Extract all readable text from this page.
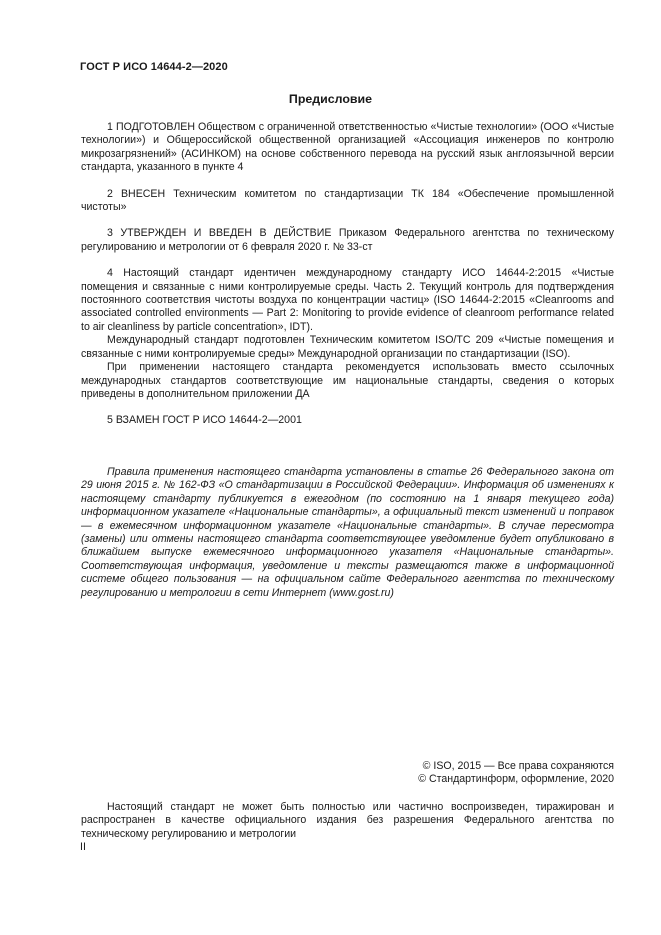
ГОСТ Р ИСО 14644-2—2020
Предисловие

1 ПОДГОТОВЛЕН Обществом с ограниченной ответственностью «Чистые технологии» (ООО «Чистые технологии») и Общероссийской общественной организацией «Ассоциация инженеров по контролю микрозагрязнений» (АСИНКОМ) на основе собственного перевода на русский язык англоязычной версии стандарта, указанного в пункте 4

2 ВНЕСЕН Техническим комитетом по стандартизации ТК 184 «Обеспечение промышленной чистоты»

3 УТВЕРЖДЕН И ВВЕДЕН В ДЕЙСТВИЕ Приказом Федерального агентства по техническому регулированию и метрологии от 6 февраля 2020 г. № 33-ст

4 Настоящий стандарт идентичен международному стандарту ИСО 14644-2:2015 «Чистые помещения и связанные с ними контролируемые среды. Часть 2. Текущий контроль для подтверждения постоянного соответствия чистоты воздуха по концентрации частиц» (ISO 14644-2:2015 «Cleanrooms and associated controlled environments — Part 2: Monitoring to provide evidence of cleanroom performance related to air cleanliness by particle concentration», IDT).

Международный стандарт подготовлен Техническим комитетом ISO/TC 209 «Чистые помещения и связанные с ними контролируемые среды» Международной организации по стандартизации (ISO).

При применении настоящего стандарта рекомендуется использовать вместо ссылочных международных стандартов соответствующие им национальные стандарты, сведения о которых приведены в дополнительном приложении ДА

5 ВЗАМЕН ГОСТ Р ИСО 14644-2—2001

Правила применения настоящего стандарта установлены в статье 26 Федерального закона от 29 июня 2015 г. № 162-ФЗ «О стандартизации в Российской Федерации». Информация об изменениях к настоящему стандарту публикуется в ежегодном (по состоянию на 1 января текущего года) информационном указателе «Национальные стандарты», а официальный текст изменений и поправок — в ежемесячном информационном указателе «Национальные стандарты». В случае пересмотра (замены) или отмены настоящего стандарта соответствующее уведомление будет опубликовано в ближайшем выпуске ежемесячного информационного указателя «Национальные стандарты». Соответствующая информация, уведомление и тексты размещаются также в информационной системе общего пользования — на официальном сайте Федерального агентства по техническому регулированию и метрологии в сети Интернет (www.gost.ru)

© ISO, 2015 — Все права сохраняются
© Стандартинформ, оформление, 2020

Настоящий стандарт не может быть полностью или частично воспроизведен, тиражирован и распространен в качестве официального издания без разрешения Федерального агентства по техническому регулированию и метрологии

II
